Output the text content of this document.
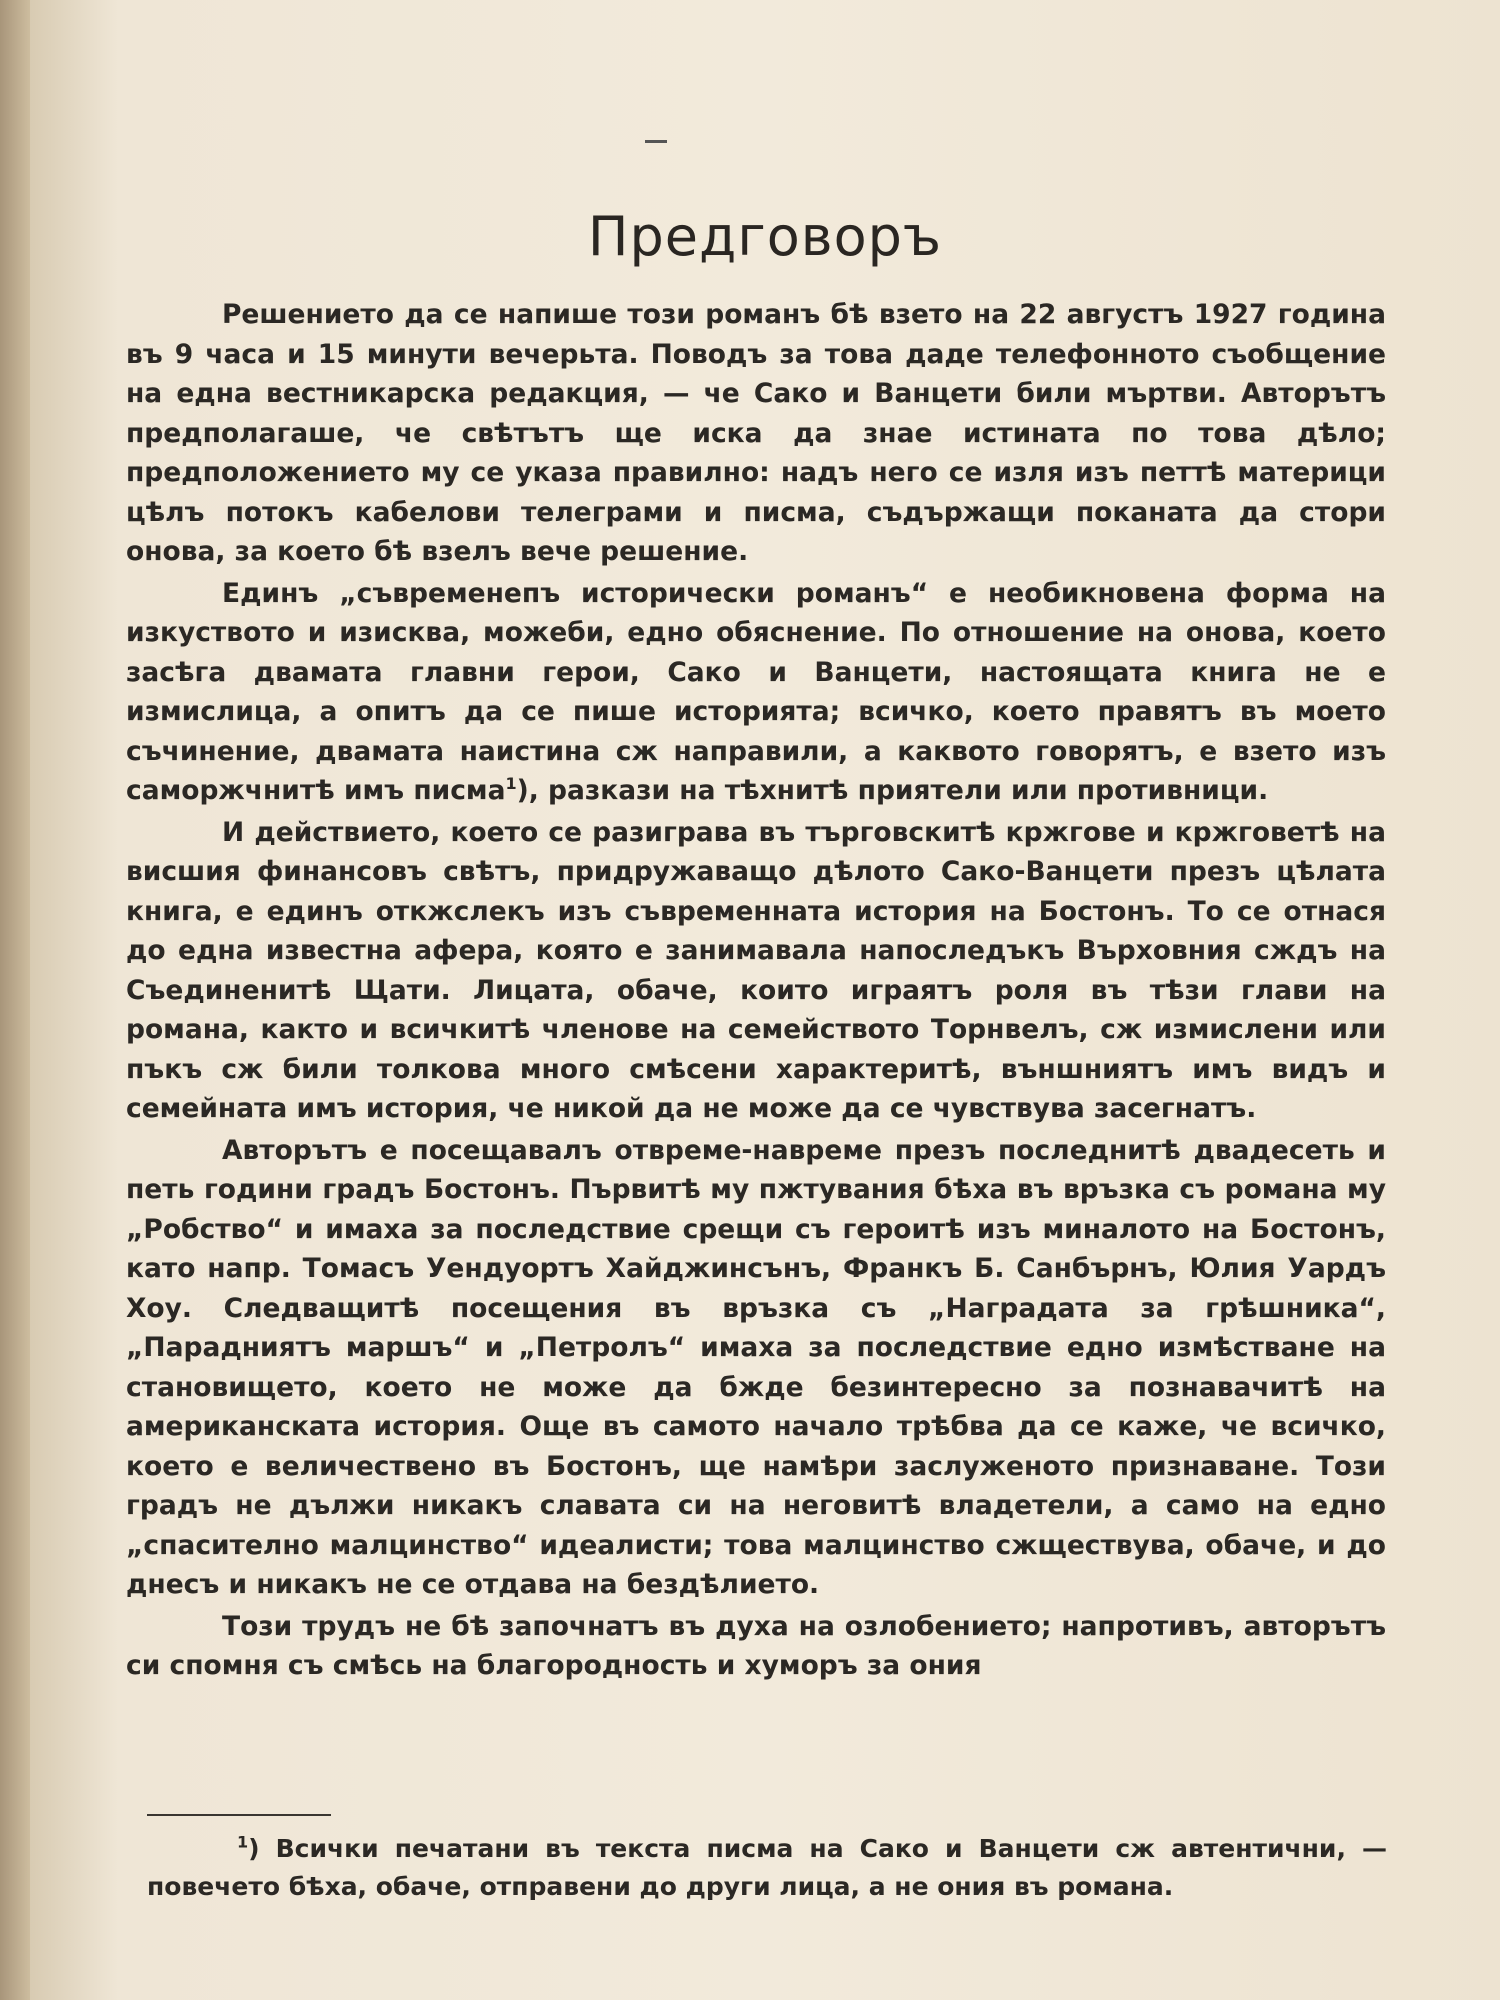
Предговоръ

Решението да се напише този романъ бѣ взето на 22 августъ 1927 година въ 9 часа и 15 минути вечерьта. Поводъ за това даде телефонното съобщение на една вестникарска редакция, — че Сако и Ванцети били мъртви. Авторътъ предполагаше, че свѣтътъ ще иска да знае истината по това дѣло; предположението му се указа правилно: надъ него се изля изъ петтѣ материци цѣлъ потокъ кабелови телеграми и писма, съдържащи поканата да стори онова, за което бѣ взелъ вече решение.

Единъ „съвременепъ исторически романъ“ е необикновена форма на изкуството и изисква, можеби, едно обяснение. По отношение на онова, което засѣга двамата главни герои, Сако и Ванцети, настоящата книга не е измислица, а опитъ да се пише историята; всичко, което правятъ въ моето съчинение, двамата наистина сж направили, а каквото говорятъ, е взето изъ саморжчнитѣ имъ писма$^1$), разкази на тѣхнитѣ приятели или противници.

И действието, което се разиграва въ търговскитѣ кржгове и кржговетѣ на висшия финансовъ свѣтъ, придружаващо дѣлото Сако-Ванцети презъ цѣлата книга, е единъ откжслекъ изъ съвременната история на Бостонъ. То се отнася до една известна афера, която е занимавала напоследъкъ Върховния сждъ на Съединенитѣ Щати. Лицата, обаче, които играятъ роля въ тѣзи глави на романа, както и всичкитѣ членове на семейството Торнвелъ, сж измислени или пъкъ сж били толкова много смѣсени характеритѣ, външниятъ имъ видъ и семейната имъ история, че никой да не може да се чувствува засегнатъ.

Авторътъ е посещавалъ отвреме-навреме презъ последнитѣ двадесеть и петь години градъ Бостонъ. Първитѣ му пжтувания бѣха въ връзка съ романа му „Робство“ и имаха за последствие срещи съ героитѣ изъ миналото на Бостонъ, като напр. Томасъ Уендуортъ Хайджинсънъ, Франкъ Б. Санбърнъ, Юлия Уардъ Хоу. Следващитѣ посещения въ връзка съ „Наградата за грѣшника“, „Парадниятъ маршъ“ и „Петролъ“ имаха за последствие едно измѣстване на становището, което не може да бжде безинтересно за познавачитѣ на американската история. Още въ самото начало трѣбва да се каже, че всичко, което е величествено въ Бостонъ, ще намѣри заслуженото признаване. Този градъ не дължи никакъ славата си на неговитѣ владетели, а само на едно „спасително малцинство“ идеалисти; това малцинство сжществува, обаче, и до днесъ и никакъ не се отдава на бездѣлието.

Този трудъ не бѣ започнатъ въ духа на озлобението; напротивъ, авторътъ си спомня съ смѣсь на благородность и хуморъ за ония

$^1$) Всички печатани въ текста писма на Сако и Ванцети сж автентични, — повечето бѣха, обаче, отправени до други лица, а не ония въ романа.
